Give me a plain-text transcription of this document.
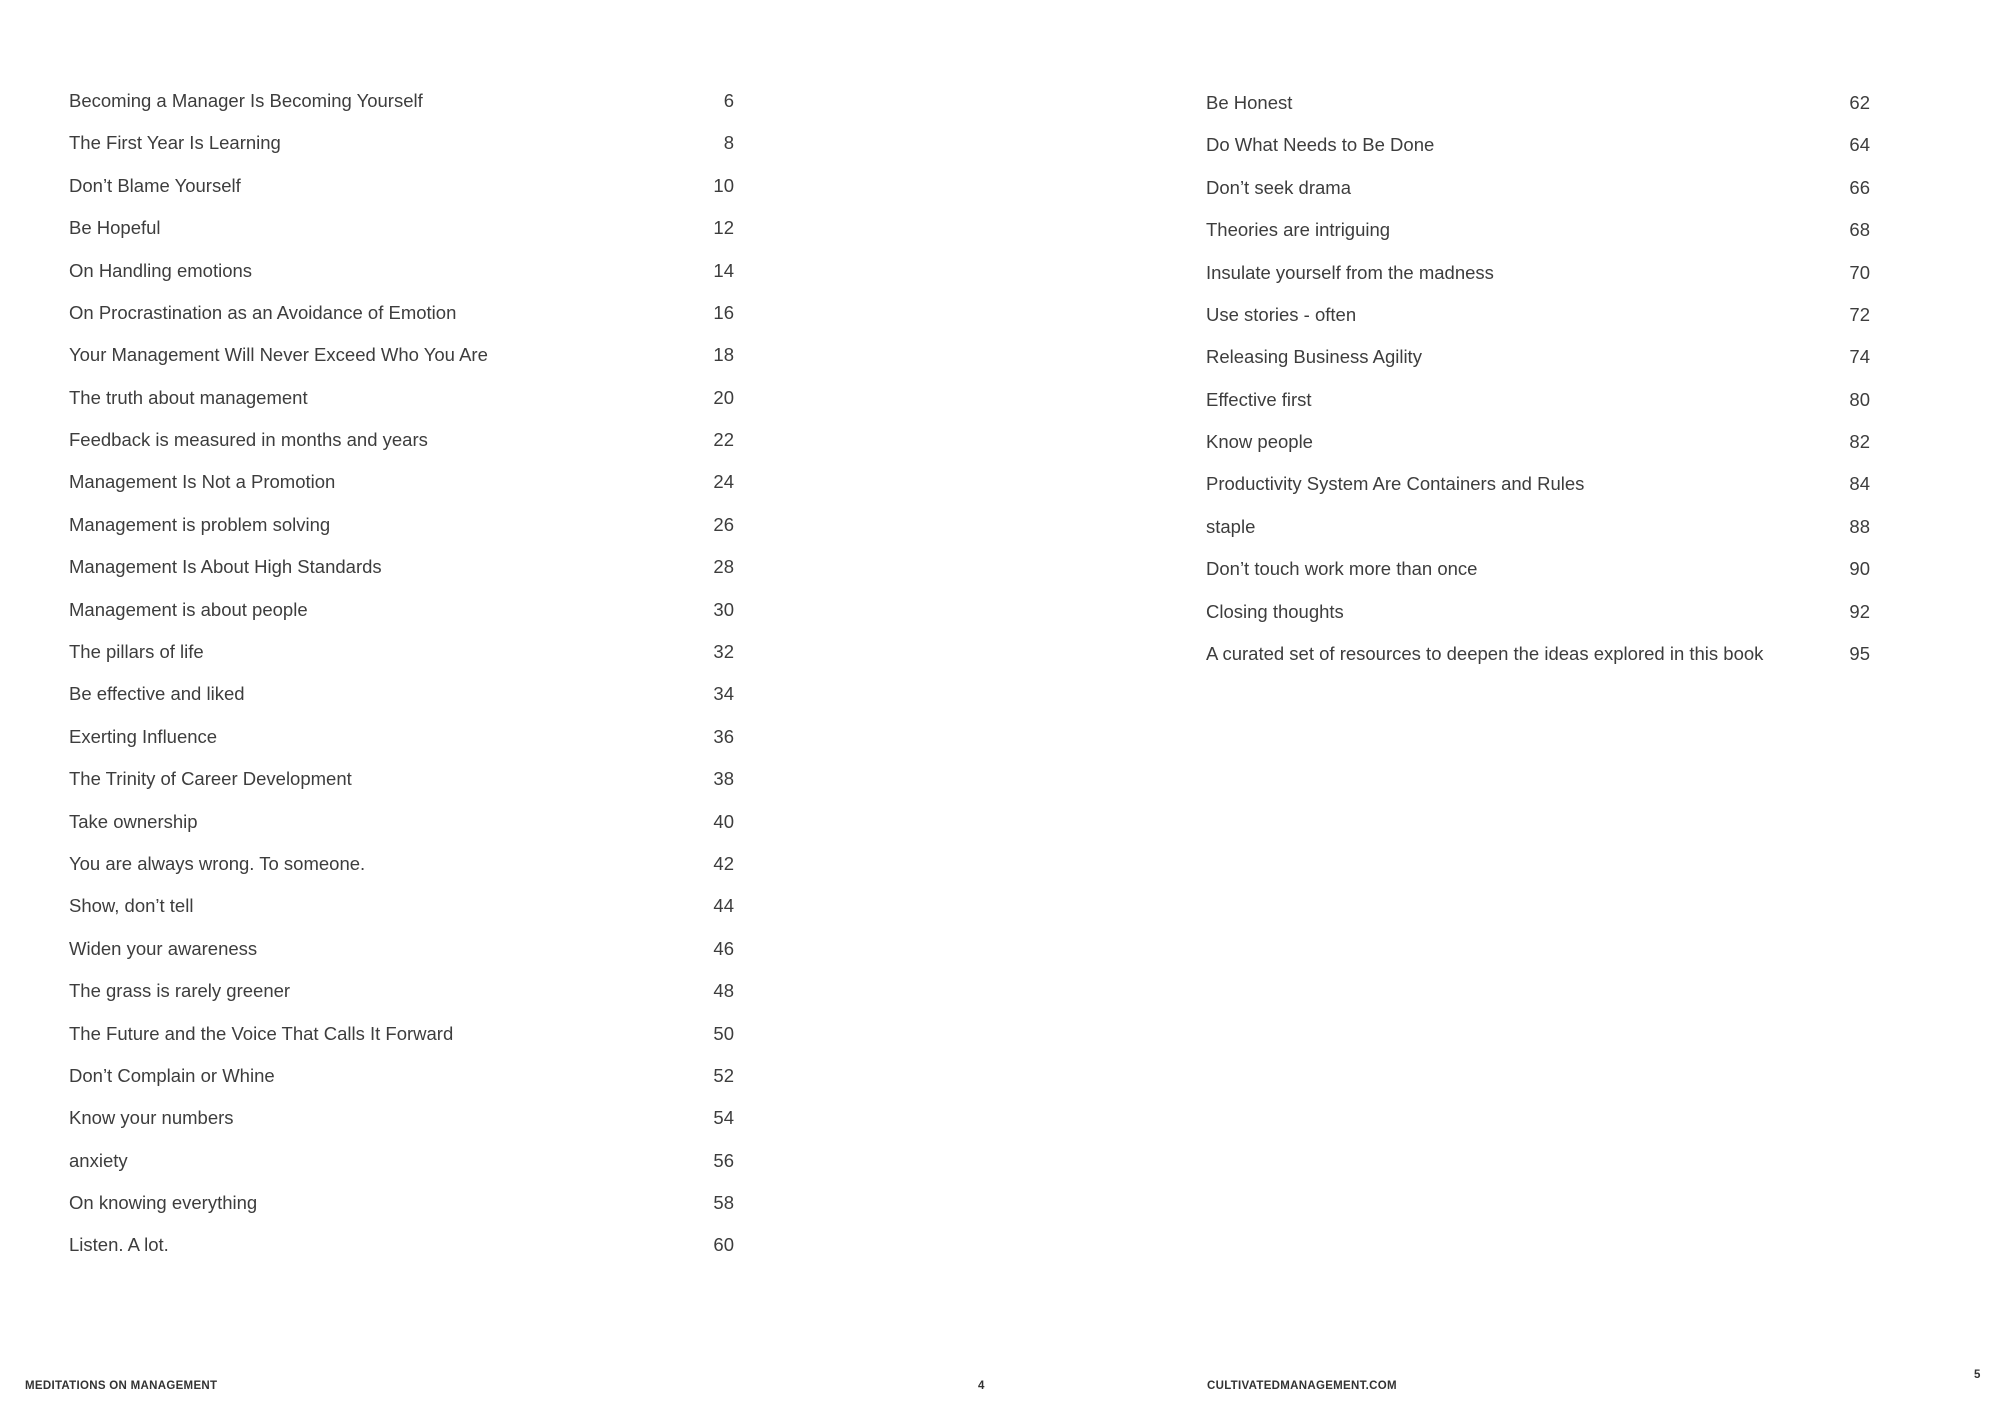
Becoming a Manager Is Becoming Yourself	6
The First Year Is Learning	8
Don’t Blame Yourself	10
Be Hopeful	12
On Handling emotions	14
On Procrastination as an Avoidance of Emotion	16
Your Management Will Never Exceed Who You Are	18
The truth about management	20
Feedback is measured in months and years	22
Management Is Not a Promotion	24
Management is problem solving	26
Management Is About High Standards	28
Management is about people	30
The pillars of life	32
Be effective and liked	34
Exerting Influence	36
The Trinity of Career Development	38
Take ownership	40
You are always wrong. To someone.	42
Show, don’t tell	44
Widen your awareness	46
The grass is rarely greener	48
The Future and the Voice That Calls It Forward	50
Don’t Complain or Whine	52
Know your numbers	54
anxiety	56
On knowing everything	58
Listen. A lot.	60
Be Honest	62
Do What Needs to Be Done	64
Don’t seek drama	66
Theories are intriguing	68
Insulate yourself from the madness	70
Use stories - often	72
Releasing Business Agility	74
Effective first	80
Know people	82
Productivity System Are Containers and Rules	84
staple	88
Don’t touch work more than once	90
Closing thoughts	92
A curated set of resources to deepen the ideas explored in this book	95
MEDITATIONS ON MANAGEMENT	4	CULTIVATEDMANAGEMENT.COM
5
